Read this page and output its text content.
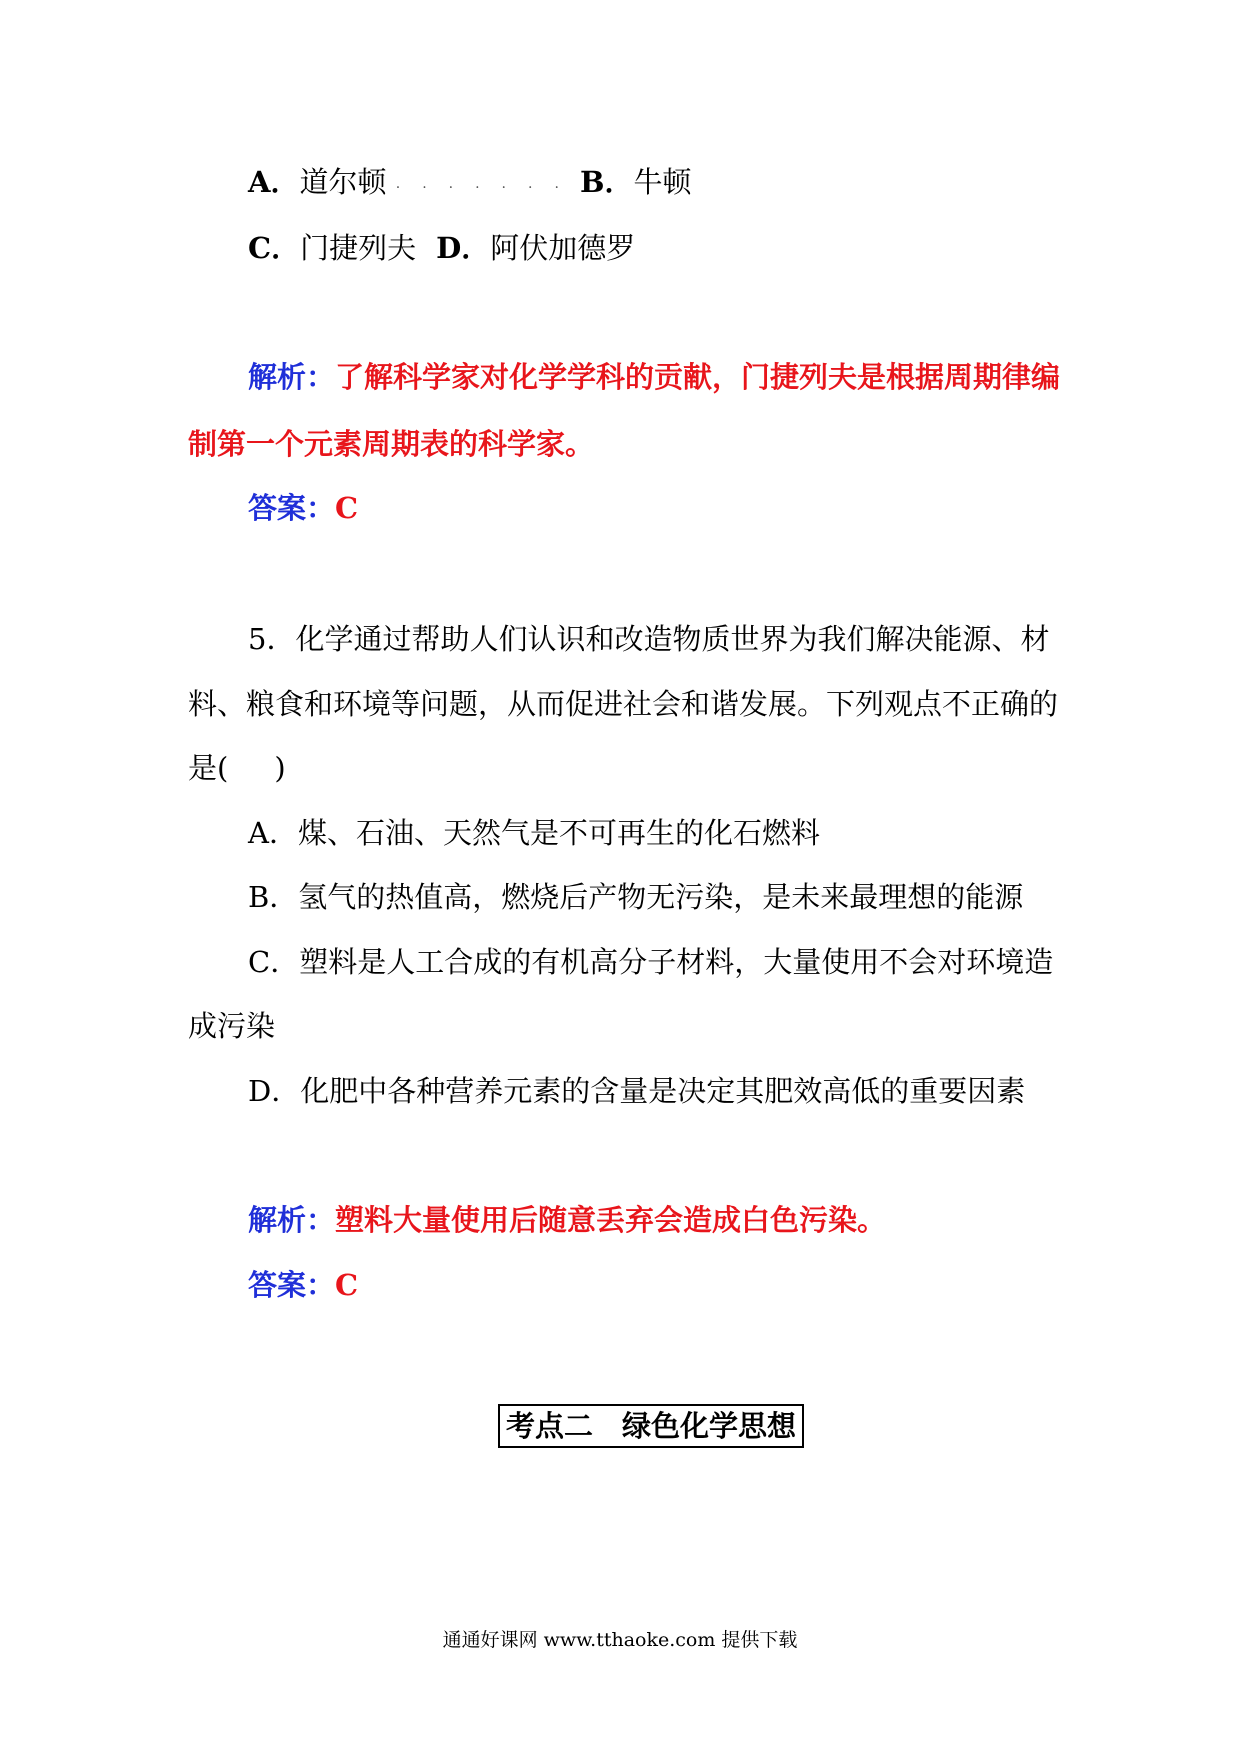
A．道尔顿 ....... B．牛顿
C．门捷列夫 D．阿伏加德罗
解析：了解科学家对化学学科的贡献，门捷列夫是根据周期律编
制第一个元素周期表的科学家。
答案：C
5．化学通过帮助人们认识和改造物质世界为我们解决能源、材
料、粮食和环境等问题，从而促进社会和谐发展。下列观点不正确的
是( )
A．煤、石油、天然气是不可再生的化石燃料
B．氢气的热值高，燃烧后产物无污染，是未来最理想的能源
C．塑料是人工合成的有机高分子材料，大量使用不会对环境造
成污染
D．化肥中各种营养元素的含量是决定其肥效高低的重要因素
解析：塑料大量使用后随意丢弃会造成白色污染。
答案：C
考点二　绿色化学思想
通通好课网 www.tthaoke.com 提供下载
